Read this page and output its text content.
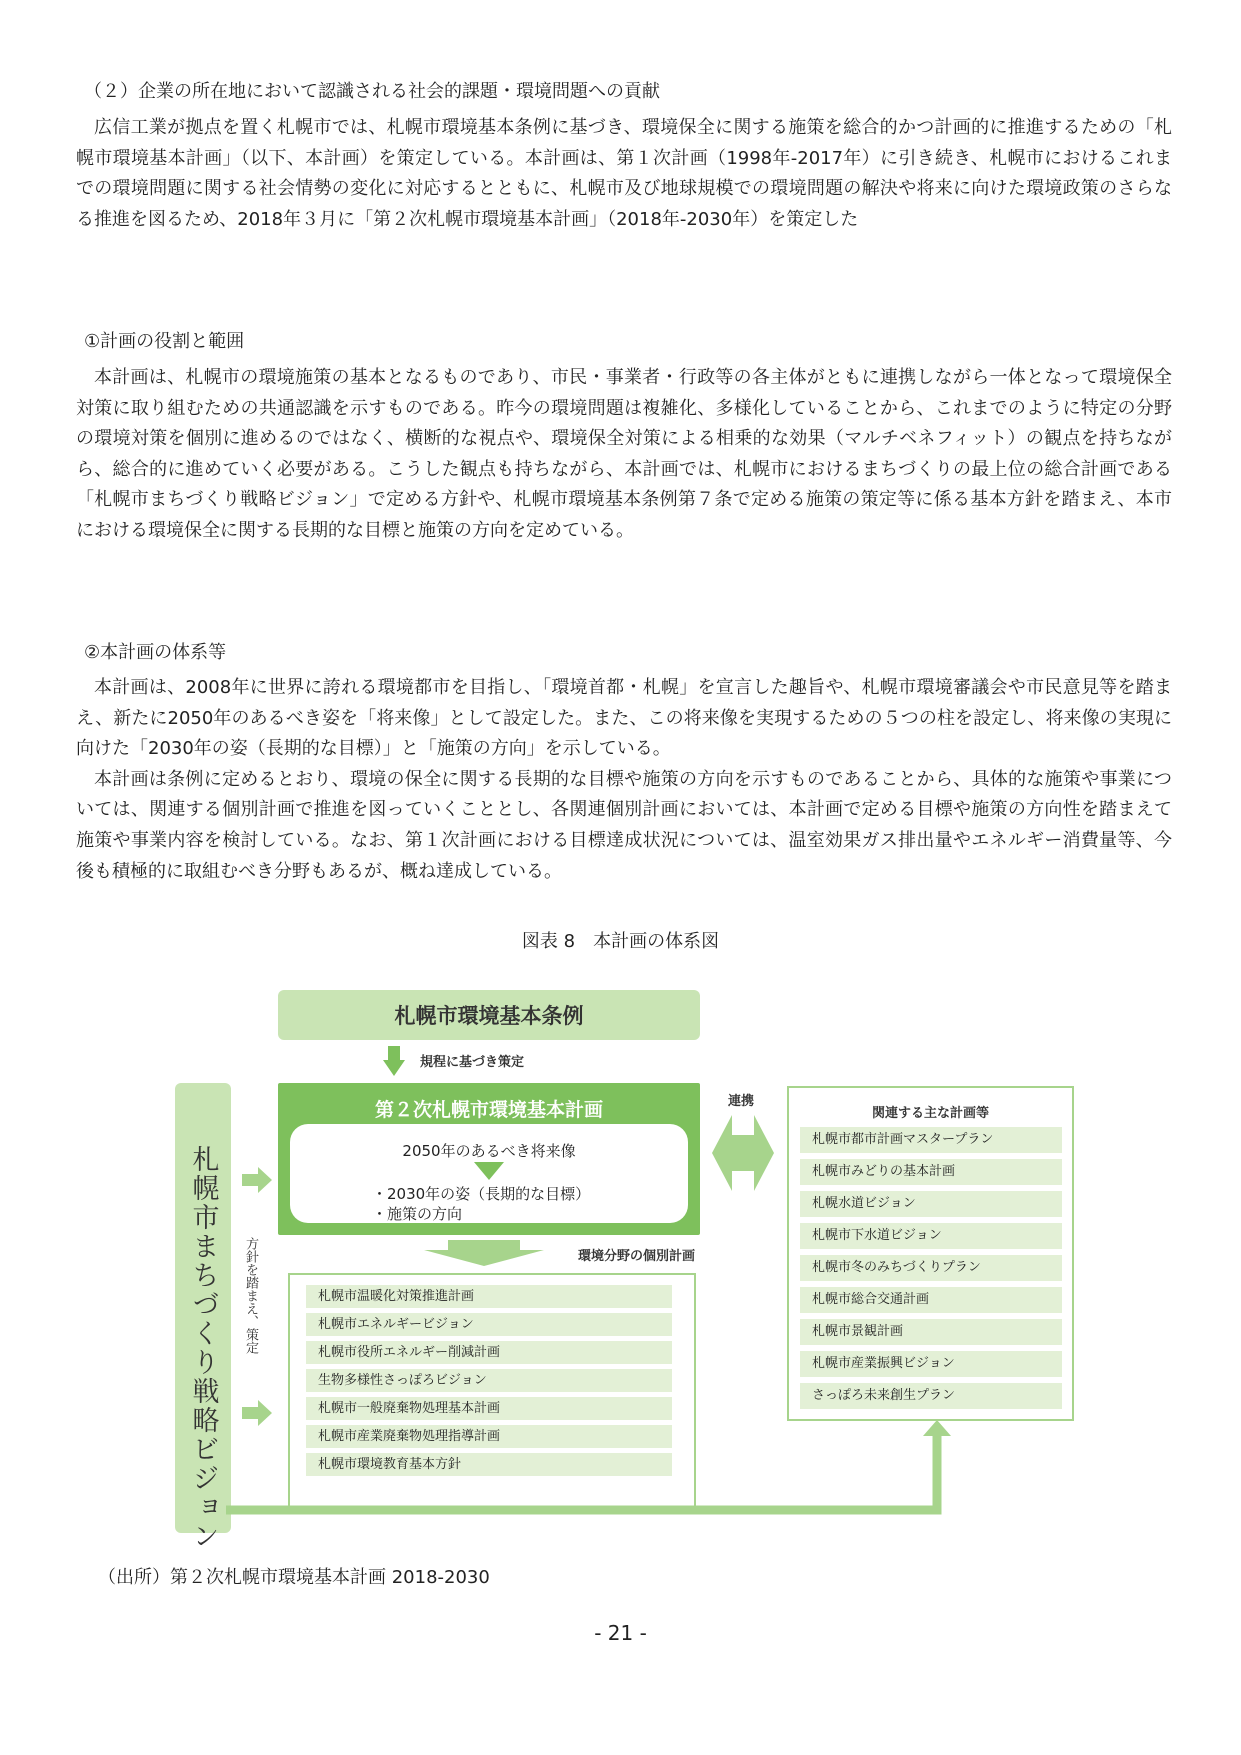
（２）企業の所在地において認識される社会的課題・環境問題への貢献

広信工業が拠点を置く札幌市では、札幌市環境基本条例に基づき、環境保全に関する施策を総合的かつ計画的に推進するための「札幌市環境基本計画」（以下、本計画）を策定している。本計画は、第１次計画（1998年-2017年）に引き続き、札幌市におけるこれまでの環境問題に関する社会情勢の変化に対応するとともに、札幌市及び地球規模での環境問題の解決や将来に向けた環境政策のさらなる推進を図るため、2018年３月に「第２次札幌市環境基本計画」（2018年-2030年）を策定した

①計画の役割と範囲

本計画は、札幌市の環境施策の基本となるものであり、市民・事業者・行政等の各主体がともに連携しながら一体となって環境保全対策に取り組むための共通認識を示すものである。昨今の環境問題は複雑化、多様化していることから、これまでのように特定の分野の環境対策を個別に進めるのではなく、横断的な視点や、環境保全対策による相乗的な効果（マルチベネフィット）の観点を持ちながら、総合的に進めていく必要がある。こうした観点も持ちながら、本計画では、札幌市におけるまちづくりの最上位の総合計画である「札幌市まちづくり戦略ビジョン」で定める方針や、札幌市環境基本条例第７条で定める施策の策定等に係る基本方針を踏まえ、本市における環境保全に関する長期的な目標と施策の方向を定めている。

②本計画の体系等

本計画は、2008年に世界に誇れる環境都市を目指し、「環境首都・札幌」を宣言した趣旨や、札幌市環境審議会や市民意見等を踏まえ、新たに2050年のあるべき姿を「将来像」として設定した。また、この将来像を実現するための５つの柱を設定し、将来像の実現に向けた「2030年の姿（長期的な目標）」と「施策の方向」を示している。

本計画は条例に定めるとおり、環境の保全に関する長期的な目標や施策の方向を示すものであることから、具体的な施策や事業については、関連する個別計画で推進を図っていくこととし、各関連個別計画においては、本計画で定める目標や施策の方向性を踏まえて施策や事業内容を検討している。なお、第１次計画における目標達成状況については、温室効果ガス排出量やエネルギー消費量等、今後も積極的に取組むべき分野もあるが、概ね達成している。

図表 8　本計画の体系図
札幌市環境基本条例
規程に基づき策定
札幌市まちづくり戦略ビジョン	方針を踏まえ、策定
第２次札幌市環境基本計画
2050年のあるべき将来像
・2030年の姿（長期的な目標）
・施策の方向
環境分野の個別計画
札幌市温暖化対策推進計画
札幌市エネルギービジョン
札幌市役所エネルギー削減計画
生物多様性さっぽろビジョン
札幌市一般廃棄物処理基本計画
札幌市産業廃棄物処理指導計画
札幌市環境教育基本方針
連携
関連する主な計画等
札幌市都市計画マスタープラン
札幌市みどりの基本計画
札幌水道ビジョン
札幌市下水道ビジョン
札幌市冬のみちづくりプラン
札幌市総合交通計画
札幌市景観計画
札幌市産業振興ビジョン
さっぽろ未来創生プラン
（出所）第２次札幌市環境基本計画 2018-2030
- 21 -
